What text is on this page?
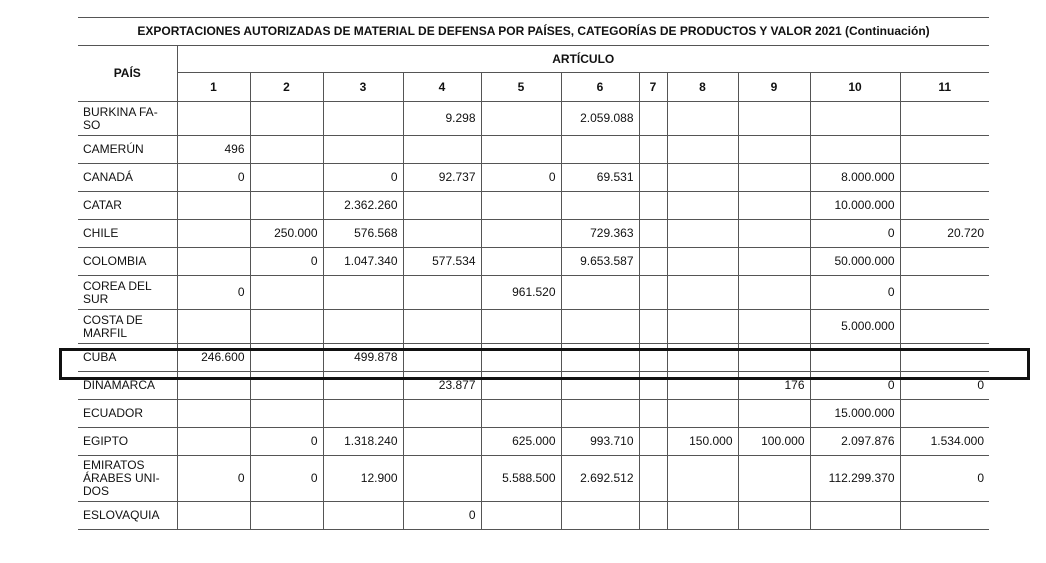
EXPORTACIONES AUTORIZADAS DE MATERIAL DE DEFENSA POR PAÍSES, CATEGORÍAS DE PRODUCTOS Y VALOR 2021 (Continuación)											
PAÍS	ARTÍCULO										
	1	2	3	4	5	6	7	8	9	10	11
BURKINA FA-SO				9.298		2.059.088					
CAMERÚN	496										
CANADÁ	0		0	92.737	0	69.531				8.000.000	
CATAR			2.362.260							10.000.000	
CHILE		250.000	576.568			729.363				0	20.720
COLOMBIA		0	1.047.340	577.534		9.653.587				50.000.000	
COREA DEL SUR	0				961.520					0	
COSTA DE MARFIL										5.000.000	
CUBA	246.600		499.878								
DINAMARCA				23.877					176	0	0
ECUADOR										15.000.000	
EGIPTO		0	1.318.240		625.000	993.710		150.000	100.000	2.097.876	1.534.000
EMIRATOS ÁRABES UNI-DOS	0	0	12.900		5.588.500	2.692.512				112.299.370	0
ESLOVAQUIA				0							
